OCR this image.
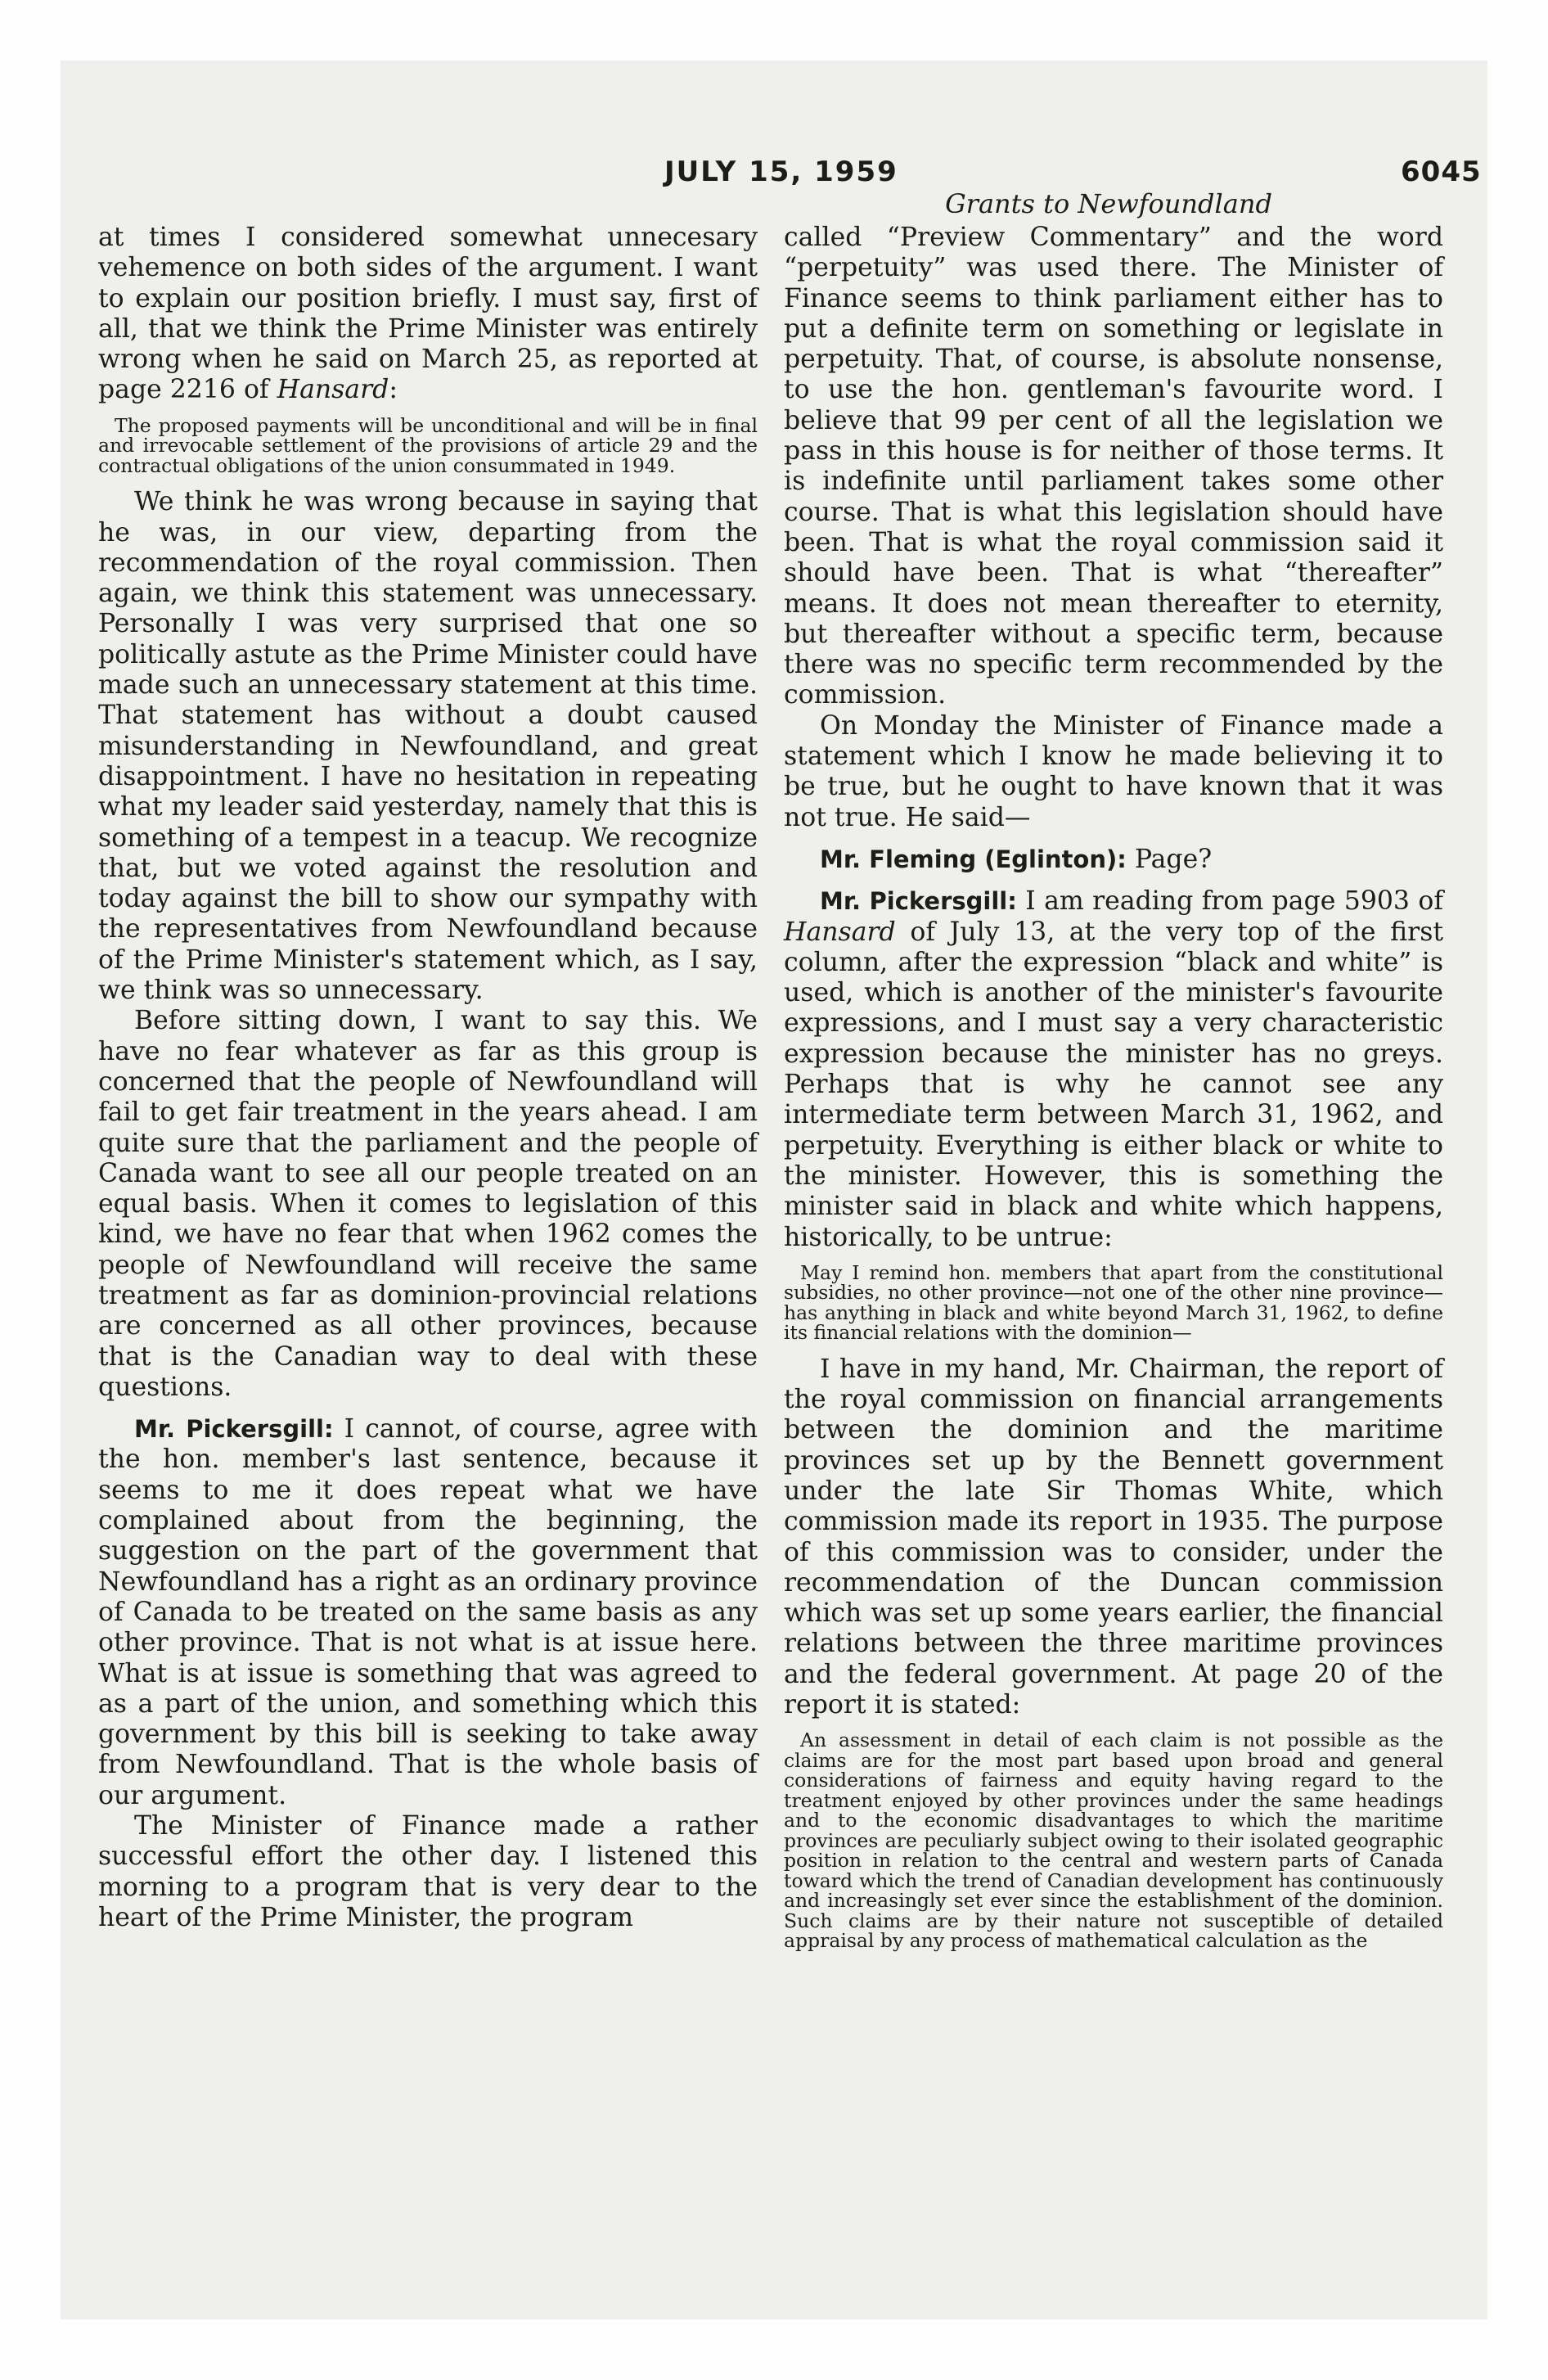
JULY 15, 1959	6045
Grants to Newfoundland

at times I considered somewhat unnecesary vehemence on both sides of the argument. I want to explain our position briefly. I must say, first of all, that we think the Prime Minister was entirely wrong when he said on March 25, as reported at page 2216 of Hansard:

The proposed payments will be unconditional and will be in final and irrevocable settlement of the provisions of article 29 and the contractual obligations of the union consummated in 1949.

We think he was wrong because in saying that he was, in our view, departing from the recommendation of the royal commission. Then again, we think this statement was unnecessary. Personally I was very surprised that one so politically astute as the Prime Minister could have made such an unnecessary statement at this time. That statement has without a doubt caused misunderstanding in Newfoundland, and great disappointment. I have no hesitation in repeating what my leader said yesterday, namely that this is something of a tempest in a teacup. We recognize that, but we voted against the resolution and today against the bill to show our sympathy with the representatives from Newfoundland because of the Prime Minister's statement which, as I say, we think was so unnecessary.

Before sitting down, I want to say this. We have no fear whatever as far as this group is concerned that the people of Newfoundland will fail to get fair treatment in the years ahead. I am quite sure that the parliament and the people of Canada want to see all our people treated on an equal basis. When it comes to legislation of this kind, we have no fear that when 1962 comes the people of Newfoundland will receive the same treatment as far as dominion-provincial relations are concerned as all other provinces, because that is the Canadian way to deal with these questions.

Mr. Pickersgill: I cannot, of course, agree with the hon. member's last sentence, because it seems to me it does repeat what we have complained about from the beginning, the suggestion on the part of the government that Newfoundland has a right as an ordinary province of Canada to be treated on the same basis as any other province. That is not what is at issue here. What is at issue is something that was agreed to as a part of the union, and something which this government by this bill is seeking to take away from Newfoundland. That is the whole basis of our argument.

The Minister of Finance made a rather successful effort the other day. I listened this morning to a program that is very dear to the heart of the Prime Minister, the program

called “Preview Commentary” and the word “perpetuity” was used there. The Minister of Finance seems to think parliament either has to put a definite term on something or legislate in perpetuity. That, of course, is absolute nonsense, to use the hon. gentleman's favourite word. I believe that 99 per cent of all the legislation we pass in this house is for neither of those terms. It is indefinite until parliament takes some other course. That is what this legislation should have been. That is what the royal commission said it should have been. That is what “thereafter” means. It does not mean thereafter to eternity, but thereafter without a specific term, because there was no specific term recommended by the commission.

On Monday the Minister of Finance made a statement which I know he made believing it to be true, but he ought to have known that it was not true. He said—

Mr. Fleming (Eglinton): Page?

Mr. Pickersgill: I am reading from page 5903 of Hansard of July 13, at the very top of the first column, after the expression “black and white” is used, which is another of the minister's favourite expressions, and I must say a very characteristic expression because the minister has no greys. Perhaps that is why he cannot see any intermediate term between March 31, 1962, and perpetuity. Everything is either black or white to the minister. However, this is something the minister said in black and white which happens, historically, to be untrue:

May I remind hon. members that apart from the constitutional subsidies, no other province—not one of the other nine province—has anything in black and white beyond March 31, 1962, to define its financial relations with the dominion—

I have in my hand, Mr. Chairman, the report of the royal commission on financial arrangements between the dominion and the maritime provinces set up by the Bennett government under the late Sir Thomas White, which commission made its report in 1935. The purpose of this commission was to consider, under the recommendation of the Duncan commission which was set up some years earlier, the financial relations between the three maritime provinces and the federal government. At page 20 of the report it is stated:

An assessment in detail of each claim is not possible as the claims are for the most part based upon broad and general considerations of fairness and equity having regard to the treatment enjoyed by other provinces under the same headings and to the economic disadvantages to which the maritime provinces are peculiarly subject owing to their isolated geographic position in relation to the central and western parts of Canada toward which the trend of Canadian development has continuously and increasingly set ever since the establishment of the dominion. Such claims are by their nature not susceptible of detailed appraisal by any process of mathematical calculation as the
